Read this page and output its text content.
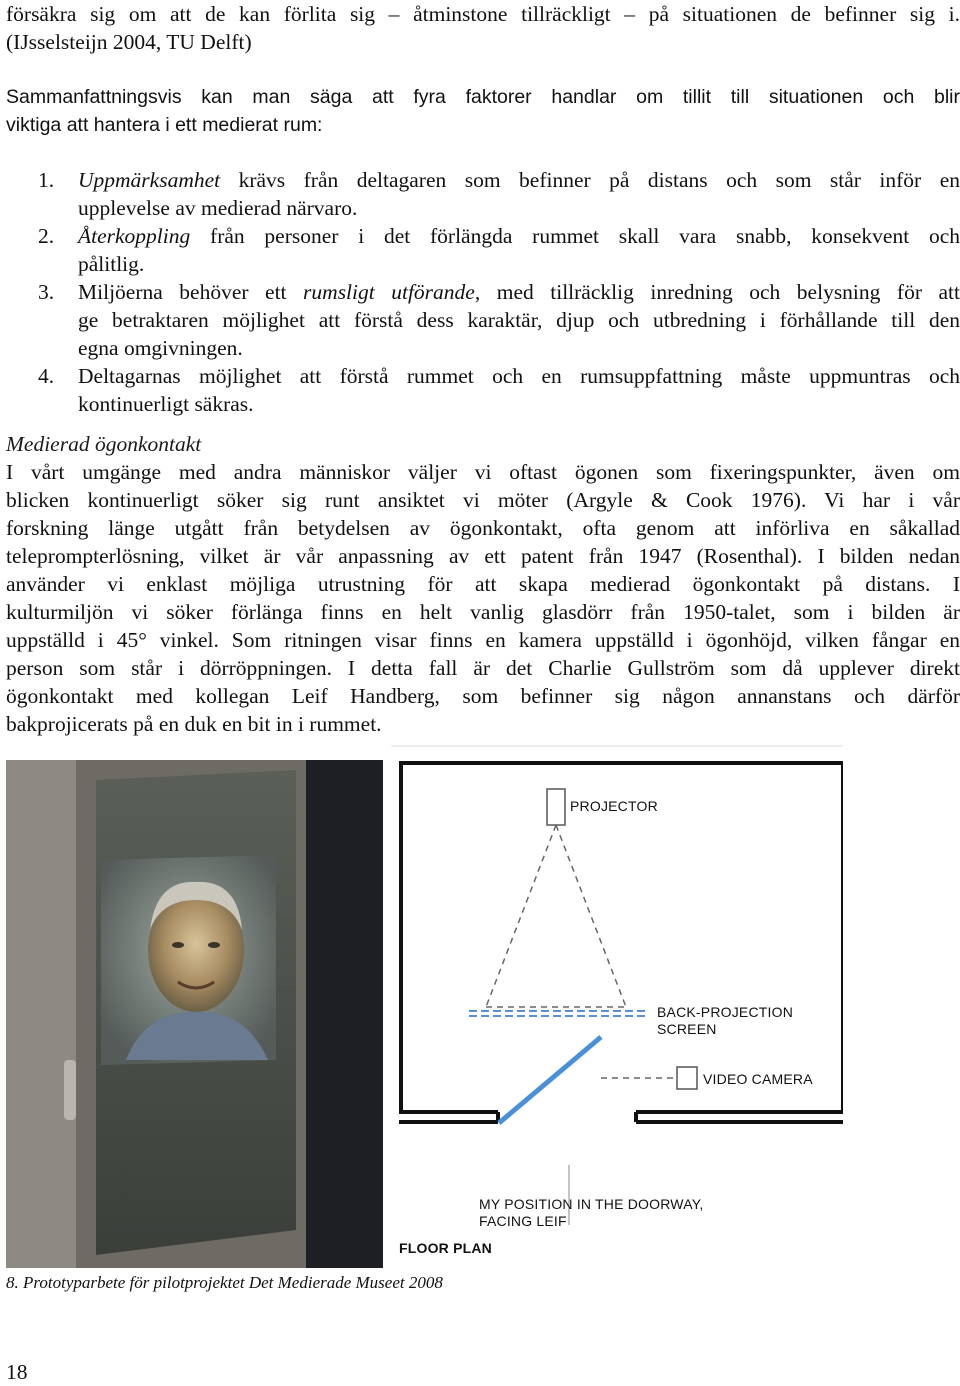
försäkra sig om att de kan förlita sig – åtminstone tillräckligt – på situationen de befinner sig i.
(IJsselsteijn 2004, TU Delft)
Sammanfattningsvis kan man säga att fyra faktorer handlar om tillit till situationen och blir
viktiga att hantera i ett medierat rum:
1. Uppmärksamhet krävs från deltagaren som befinner på distans och som står inför en
upplevelse av medierad närvaro.
2. Återkoppling från personer i det förlängda rummet skall vara snabb, konsekvent och
pålitlig.
3. Miljöerna behöver ett rumsligt utförande, med tillräcklig inredning och belysning för att
ge betraktaren möjlighet att förstå dess karaktär, djup och utbredning i förhållande till den
egna omgivningen.
4. Deltagarnas möjlighet att förstå rummet och en rumsuppfattning måste uppmuntras och
kontinuerligt säkras.
Medierad ögonkontakt
I vårt umgänge med andra människor väljer vi oftast ögonen som fixeringspunkter, även om
blicken kontinuerligt söker sig runt ansiktet vi möter (Argyle & Cook 1976). Vi har i vår
forskning länge utgått från betydelsen av ögonkontakt, ofta genom att införliva en såkallad
teleprompterlösning, vilket är vår anpassning av ett patent från 1947 (Rosenthal). I bilden nedan
använder vi enklast möjliga utrustning för att skapa medierad ögonkontakt på distans. I
kulturmiljön vi söker förlänga finns en helt vanlig glasdörr från 1950-talet, som i bilden är
uppställd i 45° vinkel. Som ritningen visar finns en kamera uppställd i ögonhöjd, vilken fångar en
person som står i dörröppningen. I detta fall är det Charlie Gullström som då upplever direkt
ögonkontakt med kollegan Leif Handberg, som befinner sig någon annanstans och därför
bakprojicerats på en duk en bit in i rummet.
PROJECTOR
BACK-PROJECTION
SCREEN
VIDEO CAMERA
MY POSITION IN THE DOORWAY,
FACING LEIF
FLOOR PLAN
8. Prototyparbete för pilotprojektet Det Medierade Museet 2008
18
